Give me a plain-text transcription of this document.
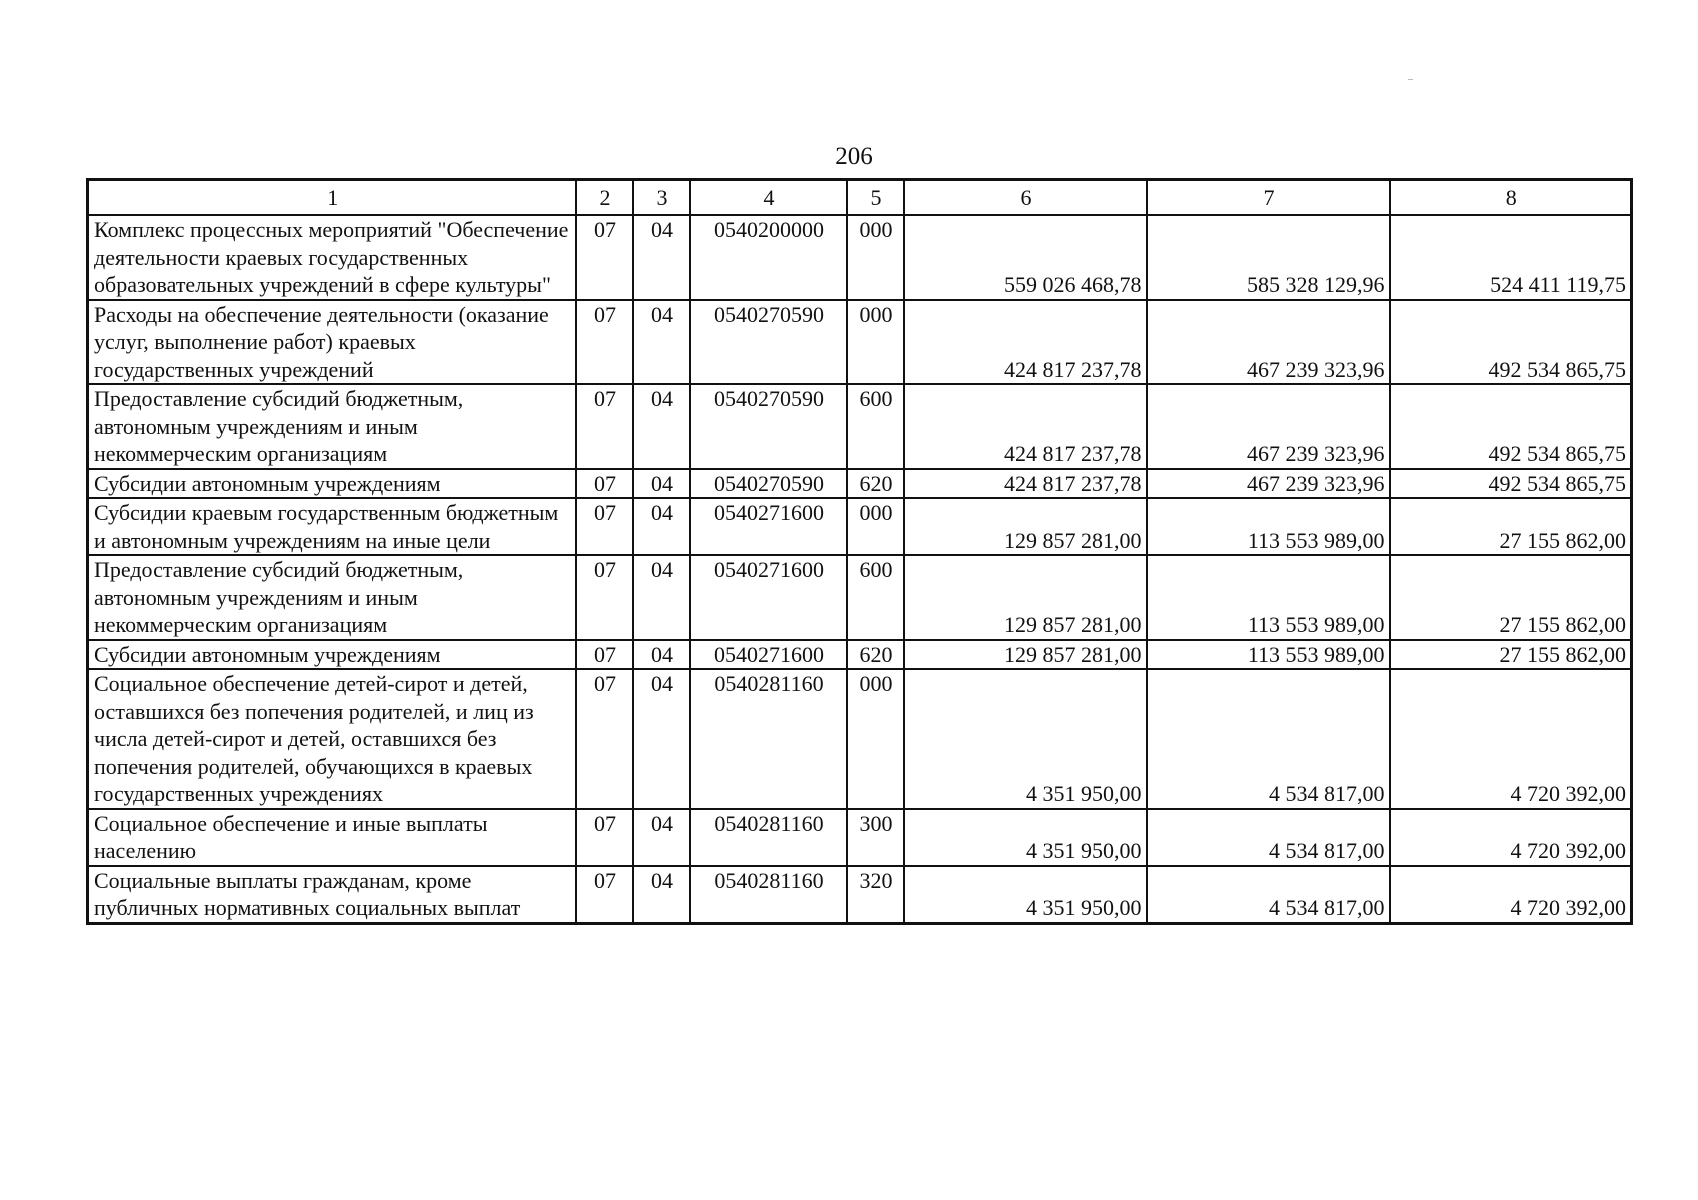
206
1	2	3	4	5	6	7	8
Комплекс процессных мероприятий "Обеспечение деятельности краевых государственных образовательных учреждений в сфере культуры"	07	04	0540200000	000	559 026 468,78	585 328 129,96	524 411 119,75
Расходы на обеспечение деятельности (оказание услуг, выполнение работ) краевых государственных учреждений	07	04	0540270590	000	424 817 237,78	467 239 323,96	492 534 865,75
Предоставление субсидий бюджетным, автономным учреждениям и иным некоммерческим организациям	07	04	0540270590	600	424 817 237,78	467 239 323,96	492 534 865,75
Субсидии автономным учреждениям	07	04	0540270590	620	424 817 237,78	467 239 323,96	492 534 865,75
Субсидии краевым государственным бюджетным и автономным учреждениям на иные цели	07	04	0540271600	000	129 857 281,00	113 553 989,00	27 155 862,00
Предоставление субсидий бюджетным, автономным учреждениям и иным некоммерческим организациям	07	04	0540271600	600	129 857 281,00	113 553 989,00	27 155 862,00
Субсидии автономным учреждениям	07	04	0540271600	620	129 857 281,00	113 553 989,00	27 155 862,00
Социальное обеспечение детей-сирот и детей, оставшихся без попечения родителей, и лиц из числа детей-сирот и детей, оставшихся без попечения родителей, обучающихся в краевых государственных учреждениях	07	04	0540281160	000	4 351 950,00	4 534 817,00	4 720 392,00
Социальное обеспечение и иные выплаты населению	07	04	0540281160	300	4 351 950,00	4 534 817,00	4 720 392,00
Социальные выплаты гражданам, кроме публичных нормативных социальных выплат	07	04	0540281160	320	4 351 950,00	4 534 817,00	4 720 392,00
